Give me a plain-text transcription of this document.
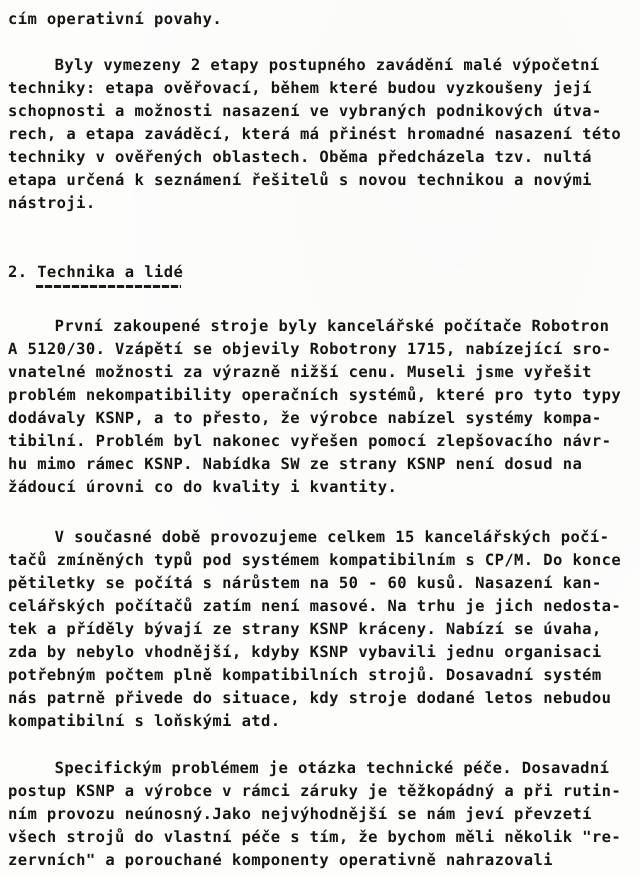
cím operativní povahy.
Byly vymezeny 2 etapy postupného zavádění malé výpočetní
techniky: etapa ověřovací, během které budou vyzkoušeny její
schopnosti a možnosti nasazení ve vybraných podnikových útva-
rech, a etapa zaváděcí, která má přinést hromadné nasazení této
techniky v ověřených oblastech. Oběma předcházela tzv. nultá
etapa určená k seznámení řešitelů s novou technikou a novými
nástroji.
2. Technika a lidé
První zakoupené stroje byly kancelářské počítače Robotron
A 5120/30. Vzápětí se objevily Robotrony 1715, nabízející sro-
vnatelné možnosti za výrazně nižší cenu. Museli jsme vyřešit
problém nekompatibility operačních systémů, které pro tyto typy
dodávaly KSNP, a to přesto, že výrobce nabízel systémy kompa-
tibilní. Problém byl nakonec vyřešen pomocí zlepšovacího návr-
hu mimo rámec KSNP. Nabídka SW ze strany KSNP není dosud na
žádoucí úrovni co do kvality i kvantity.
V současné době provozujeme celkem 15 kancelářských počí-
tačů zmíněných typů pod systémem kompatibilním s CP/M. Do konce
pětiletky se počítá s nárůstem na 50 - 60 kusů. Nasazení kan-
celářských počítačů zatím není masové. Na trhu je jich nedosta-
tek a příděly bývají ze strany KSNP kráceny. Nabízí se úvaha,
zda by nebylo vhodnější, kdyby KSNP vybavili jednu organisaci
potřebným počtem plně kompatibilních strojů. Dosavadní systém
nás patrně přivede do situace, kdy stroje dodané letos nebudou
kompatibilní s loňskými atd.
Specifickým problémem je otázka technické péče. Dosavadní
postup KSNP a výrobce v rámci záruky je těžkopádný a při rutin-
ním provozu neúnosný.Jako nejvýhodnější se nám jeví převzetí
všech strojů do vlastní péče s tím, že bychom měli několik "re-
zervních" a porouchané komponenty operativně nahrazovali
